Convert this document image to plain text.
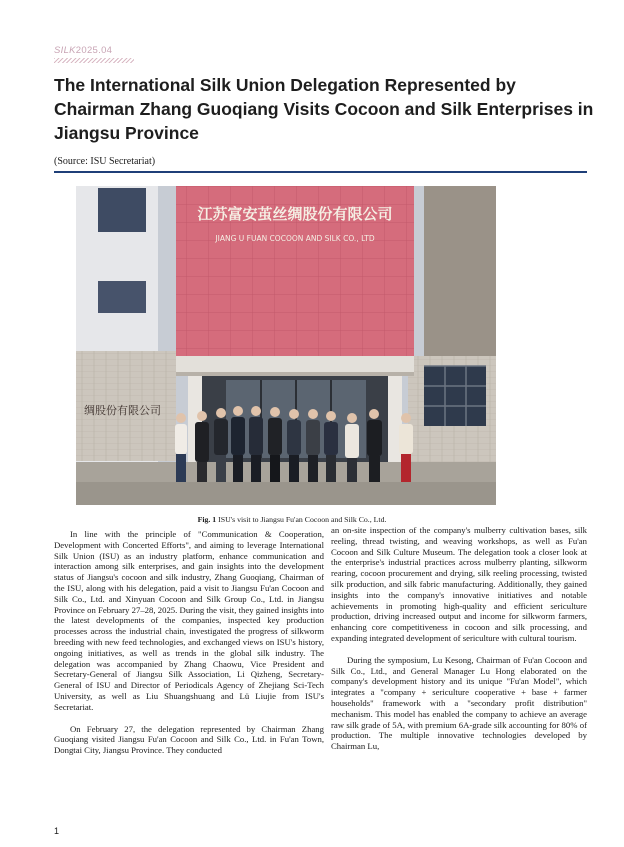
SILK2025.04
The International Silk Union Delegation Represented by Chairman Zhang Guoqiang Visits Cocoon and Silk Enterprises in Jiangsu Province
(Source: ISU Secretariat)
绸股份有限公司
江苏富安茧丝绸股份有限公司
JIANG U FUAN COCOON AND SILK CO., LTD
Fig. 1 ISU's visit to Jiangsu Fu'an Cocoon and Silk Co., Ltd.

In line with the principle of "Communication & Cooperation, Development with Concerted Efforts", and aiming to leverage International Silk Union (ISU) as an industry platform, enhance communication and interaction among silk enterprises, and gain insights into the development status of Jiangsu's cocoon and silk industry, Zhang Guoqiang, Chairman of the ISU, along with his delegation, paid a visit to Jiangsu Fu'an Cocoon and Silk Co., Ltd. and Xinyuan Cocoon and Silk Group Co., Ltd. in Jiangsu Province on February 27–28, 2025. During the visit, they gained insights into the latest developments of the companies, inspected key production processes across the industrial chain, investigated the progress of silkworm breeding with new feed technologies, and exchanged views on ISU's history, ongoing initiatives, as well as trends in the global silk industry. The delegation was accompanied by Zhang Chaowu, Vice President and Secretary-General of Jiangsu Silk Association, Li Qizheng, Secretary-General of ISU and Director of Periodicals Agency of Zhejiang Sci-Tech University, as well as Liu Shuangshuang and Lü Liujie from ISU's Secretariat.

On February 27, the delegation represented by Chairman Zhang Guoqiang visited Jiangsu Fu'an Cocoon and Silk Co., Ltd. in Fu'an Town, Dongtai City, Jiangsu Province. They conducted

an on-site inspection of the company's mulberry cultivation bases, silk reeling, thread twisting, and weaving workshops, as well as Fu'an Cocoon and Silk Culture Museum. The delegation took a closer look at the enterprise's industrial practices across mulberry planting, silkworm rearing, cocoon procurement and drying, silk reeling processing, twisted silk production, and silk fabric manufacturing. Additionally, they gained insights into the company's innovative initiatives and notable achievements in promoting high-quality and efficient sericulture production, driving increased output and income for silkworm farmers, enhancing core competitiveness in cocoon and silk processing, and expanding integrated development of sericulture with cultural tourism.

During the symposium, Lu Kesong, Chairman of Fu'an Cocoon and Silk Co., Ltd., and General Manager Lu Hong elaborated on the company's development history and its unique "Fu'an Model", which integrates a "company + sericulture cooperative + base + farmer households" framework with a "secondary profit distribution" mechanism. This model has enabled the company to achieve an average raw silk grade of 5A, with premium 6A-grade silk accounting for 80% of production. The multiple innovative technologies developed by Chairman Lu,

1
